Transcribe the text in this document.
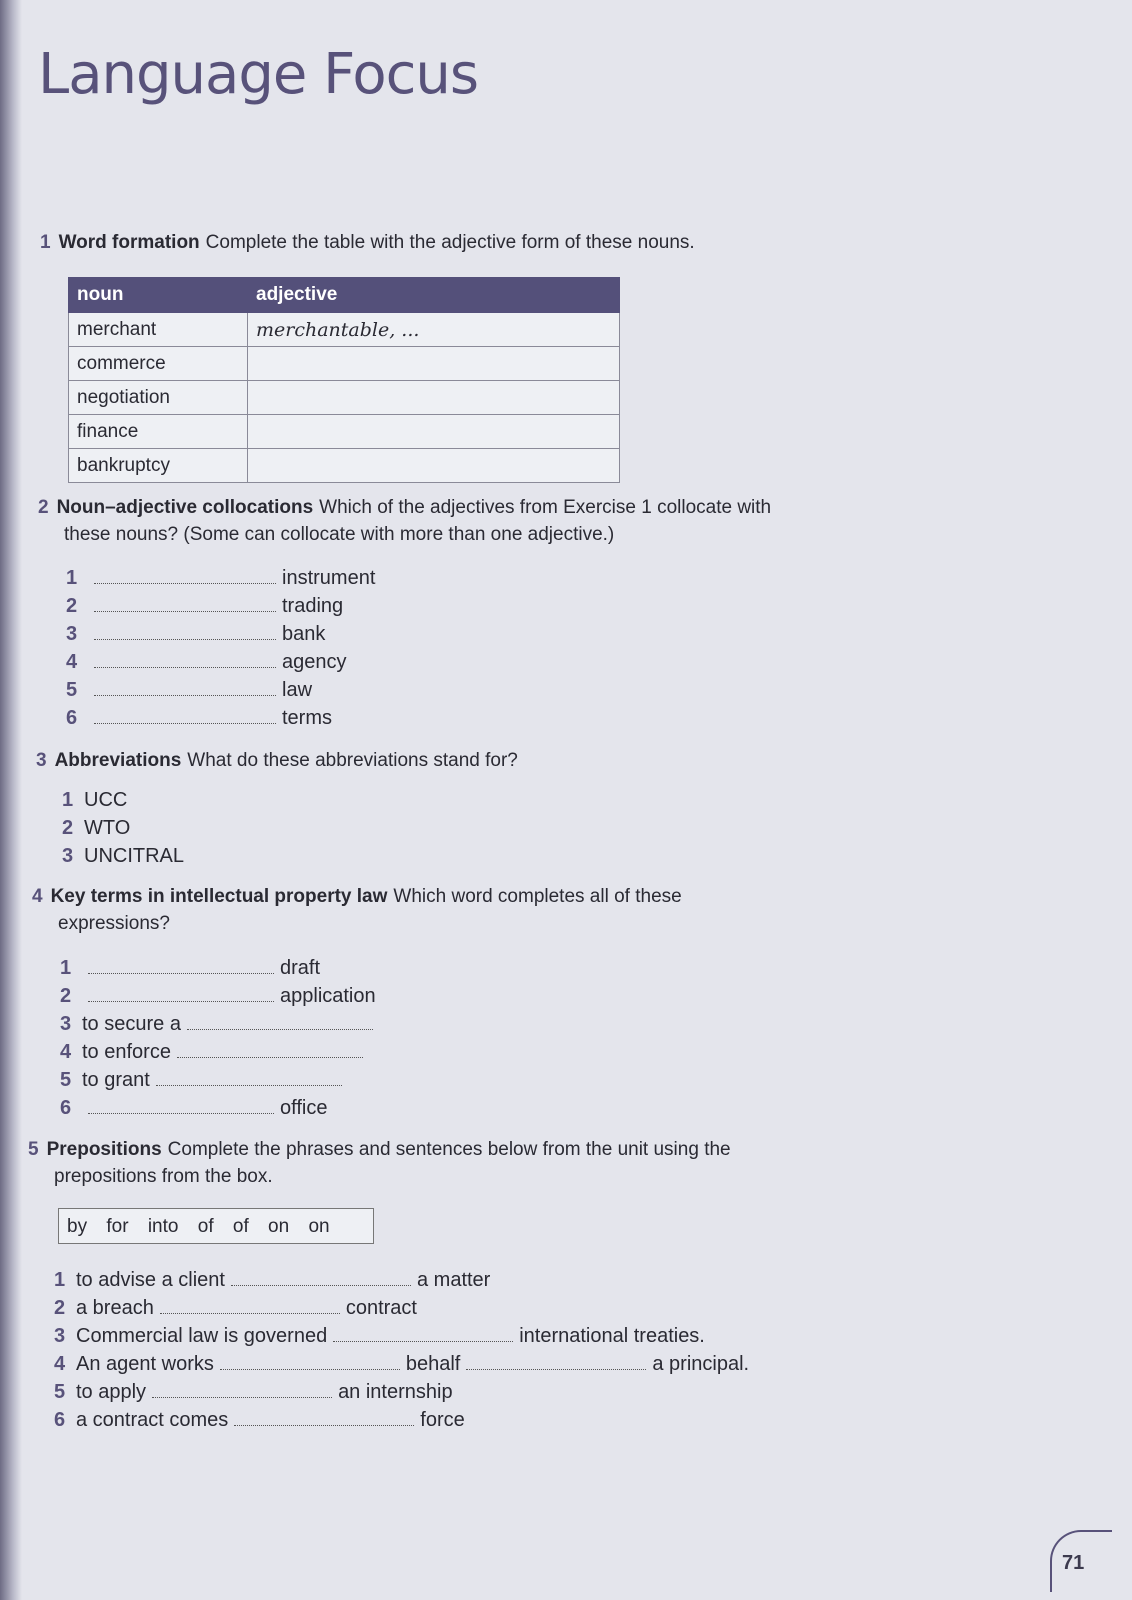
Language Focus
1 Word formation Complete the table with the adjective form of these nouns.
noun	adjective
merchant	merchantable, ...
commerce	
negotiation	
finance	
bankruptcy	
2 Noun–adjective collocations Which of the adjectives from Exercise 1 collocate with
these nouns? (Some can collocate with more than one adjective.)
1	instrument
2	trading
3	bank
4	agency
5	law
6	terms
3 Abbreviations What do these abbreviations stand for?
1 UCC
2 WTO
3 UNCITRAL
4 Key terms in intellectual property law Which word completes all of these
expressions?
1	draft
2	application
3 to secure a
4 to enforce
5 to grant
6	office
5 Prepositions Complete the phrases and sentences below from the unit using the
prepositions from the box.
by for into of of on on
1 to advise a client	a matter
2 a breach	contract
3 Commercial law is governed	international treaties.
4 An agent works	behalf	a principal.
5 to apply	an internship
6 a contract comes	force
71
